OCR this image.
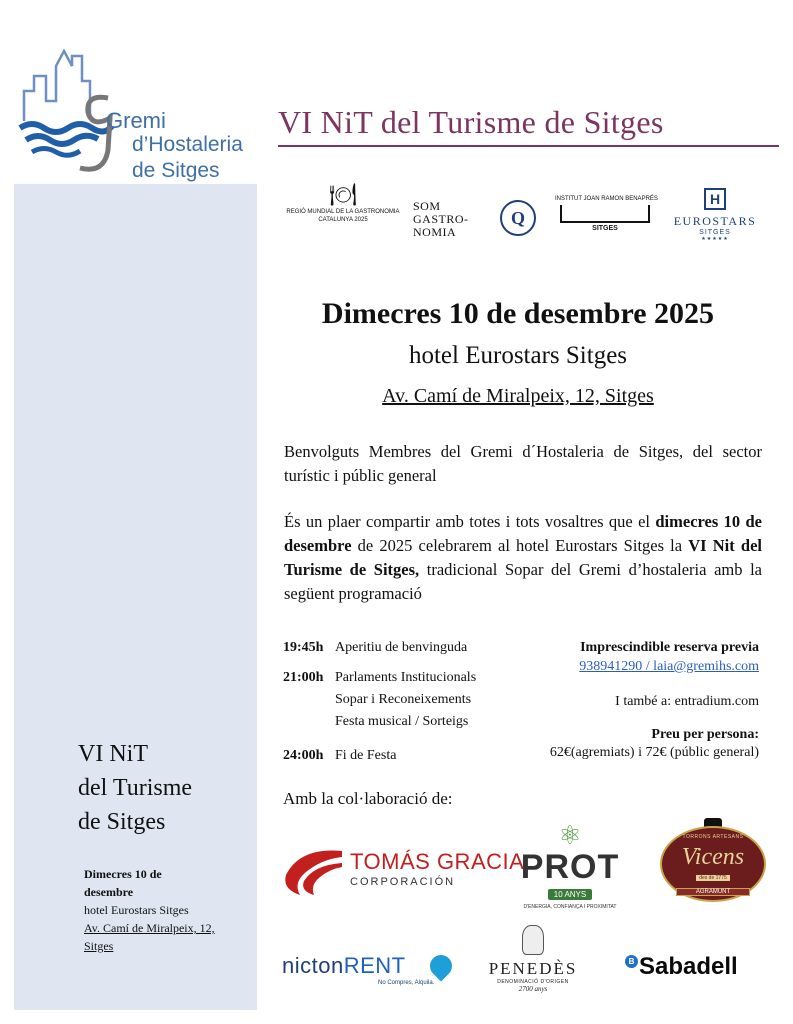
Gremi
d’Hostaleria
de Sitges
VI NiT
del Turisme
de Sitges
Dimecres 10 de
desembre
hotel Eurostars Sitges
Av. Camí de Miralpeix, 12,
Sitges
VI NiT del Turisme de Sitges
🍽
REGIÓ MUNDIAL DE LA GASTRONOMIA
CATALUNYA 2025
SOM
GASTRO-
NOMIA
Q
INSTITUT JOAN RAMON BENAPRÉS
SITGES
H
EUROSTARS
SITGES
★★★★★
Dimecres 10 de desembre 2025
hotel Eurostars Sitges
Av. Camí de Miralpeix, 12, Sitges
Benvolguts Membres del Gremi d´Hostaleria de Sitges, del sector turístic i públic general
És un plaer compartir amb totes i tots vosaltres que el dimecres 10 de desembre de 2025 celebrarem al hotel Eurostars Sitges la VI Nit del Turisme de Sitges, tradicional Sopar del Gremi d’hostaleria amb la següent programació
19:45h Aperitiu de benvinguda
21:00h Parlaments Institucionals
Sopar i Reconeixements
Festa musical / Sorteigs
24:00h Fi de Festa
Imprescindible reserva previa
938941290 / laia@gremihs.com
I també a: entradium.com
Preu per persona:
62€(agremiats) i 72€ (públic general)
Amb la col·laboració de:
TOMÁS GRACIA
CORPORACIÓN
⚛
PROT
10 ANYS
D'ENERGIA, CONFIANÇA I PROXIMITAT
TORRONS ARTESANS
Vicens
des de 1775
AGRAMUNT
nictonRENT
No Compres, Alquila.
PENEDÈS
DENOMINACIÓ D'ORIGEN
2700 anys
B Sabadell
